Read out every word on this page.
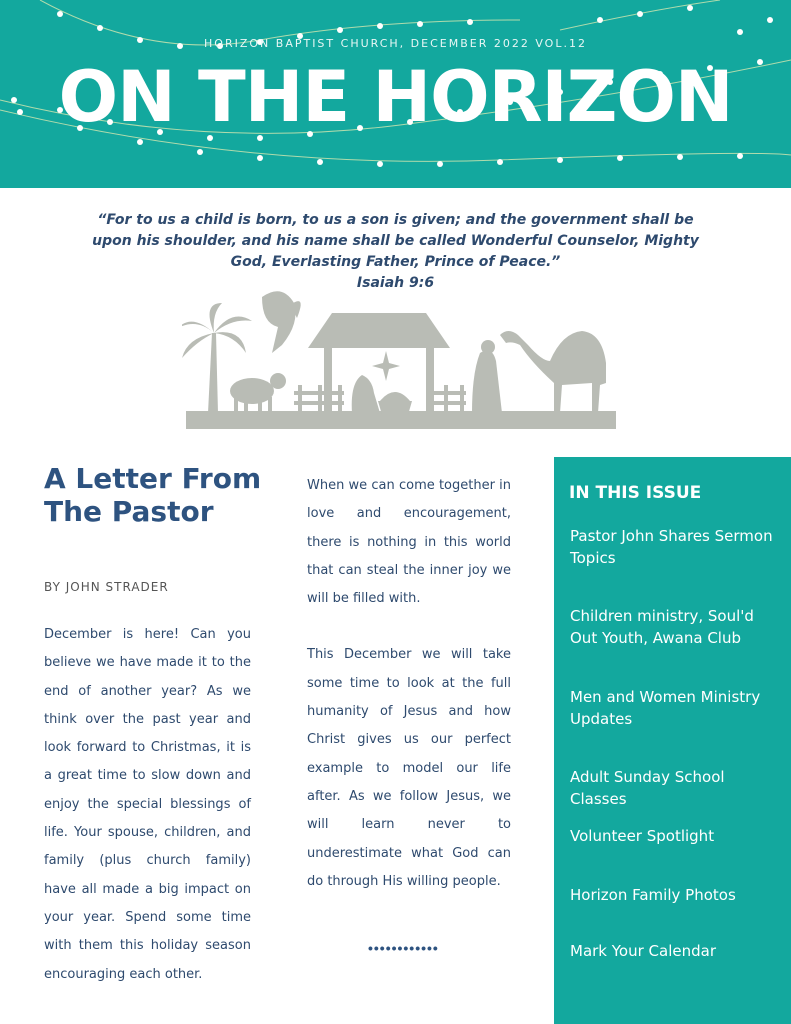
HORIZON BAPTIST CHURCH, DECEMBER 2022 VOL.12
ON THE HORIZON
“For to us a child is born, to us a son is given; and the government shall be upon his shoulder, and his name shall be called Wonderful Counselor, Mighty God, Everlasting Father, Prince of Peace.”
Isaiah 9:6
A Letter From The Pastor
BY JOHN STRADER
December is here! Can you believe we have made it to the end of another year? As we think over the past year and look forward to Christmas, it is a great time to slow down and enjoy the special blessings of life. Your spouse, children, and family (plus church family) have all made a big impact on your year. Spend some time with them this holiday season encouraging each other.

When we can come together in love and encouragement, there is nothing in this world that can steal the inner joy we will be filled with.

This December we will take some time to look at the full humanity of Jesus and how Christ gives us our perfect example to model our life after. As we follow Jesus, we will learn never to underestimate what God can do through His willing people.

••••••••••••
IN THIS ISSUE
Pastor John Shares Sermon Topics
Children ministry, Soul'd Out Youth, Awana Club
Men and Women Ministry Updates
Adult Sunday School Classes
Volunteer Spotlight
Horizon Family Photos
Mark Your Calendar
